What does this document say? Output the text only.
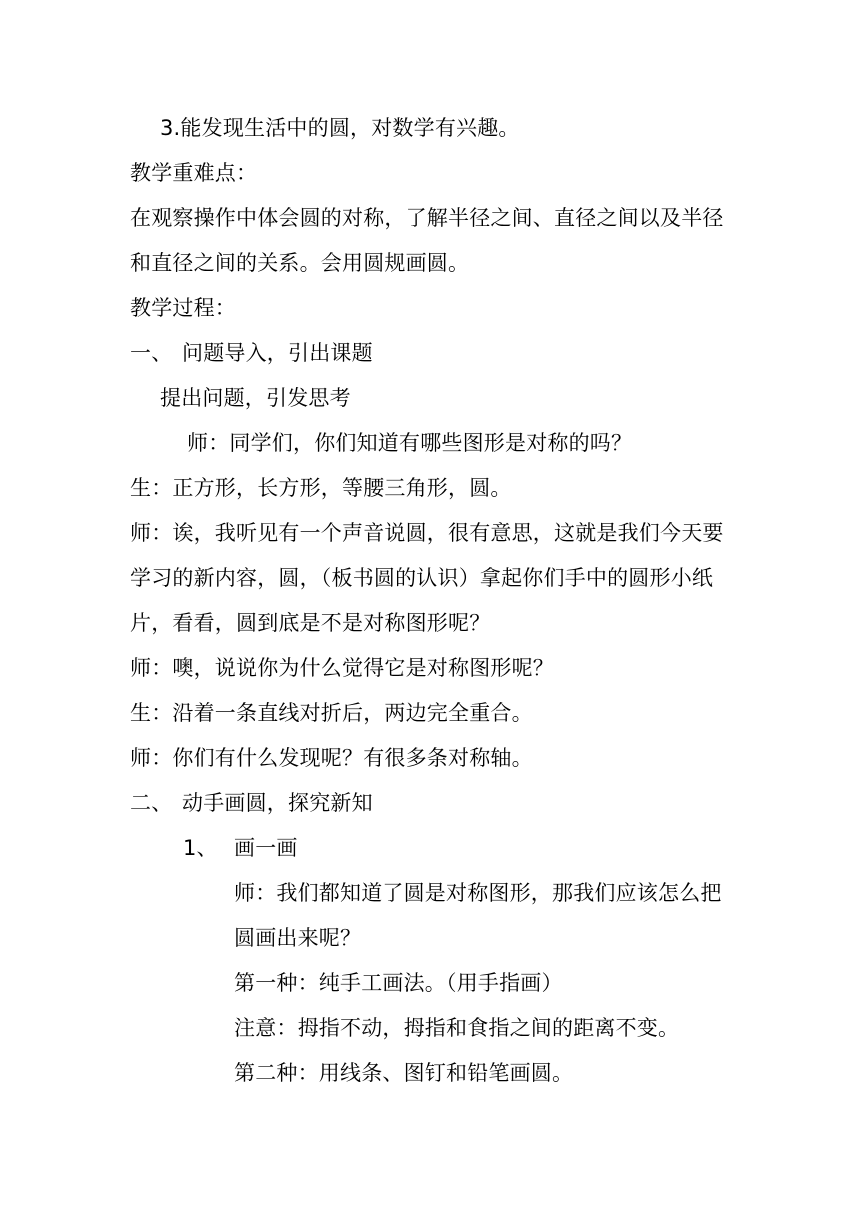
3.能发现生活中的圆，对数学有兴趣。
教学重难点：
在观察操作中体会圆的对称，了解半径之间、直径之间以及半径
和直径之间的关系。会用圆规画圆。
教学过程：
一、 问题导入，引出课题
提出问题，引发思考
师：同学们，你们知道有哪些图形是对称的吗？
生：正方形，长方形，等腰三角形，圆。
师：诶，我听见有一个声音说圆，很有意思，这就是我们今天要
学习的新内容，圆，（板书圆的认识）拿起你们手中的圆形小纸
片，看看，圆到底是不是对称图形呢？
师：噢，说说你为什么觉得它是对称图形呢？
生：沿着一条直线对折后，两边完全重合。
师：你们有什么发现呢？有很多条对称轴。
二、 动手画圆，探究新知
1、 画一画
师：我们都知道了圆是对称图形，那我们应该怎么把
圆画出来呢？
第一种：纯手工画法。（用手指画）
注意：拇指不动，拇指和食指之间的距离不变。
第二种：用线条、图钉和铅笔画圆。
